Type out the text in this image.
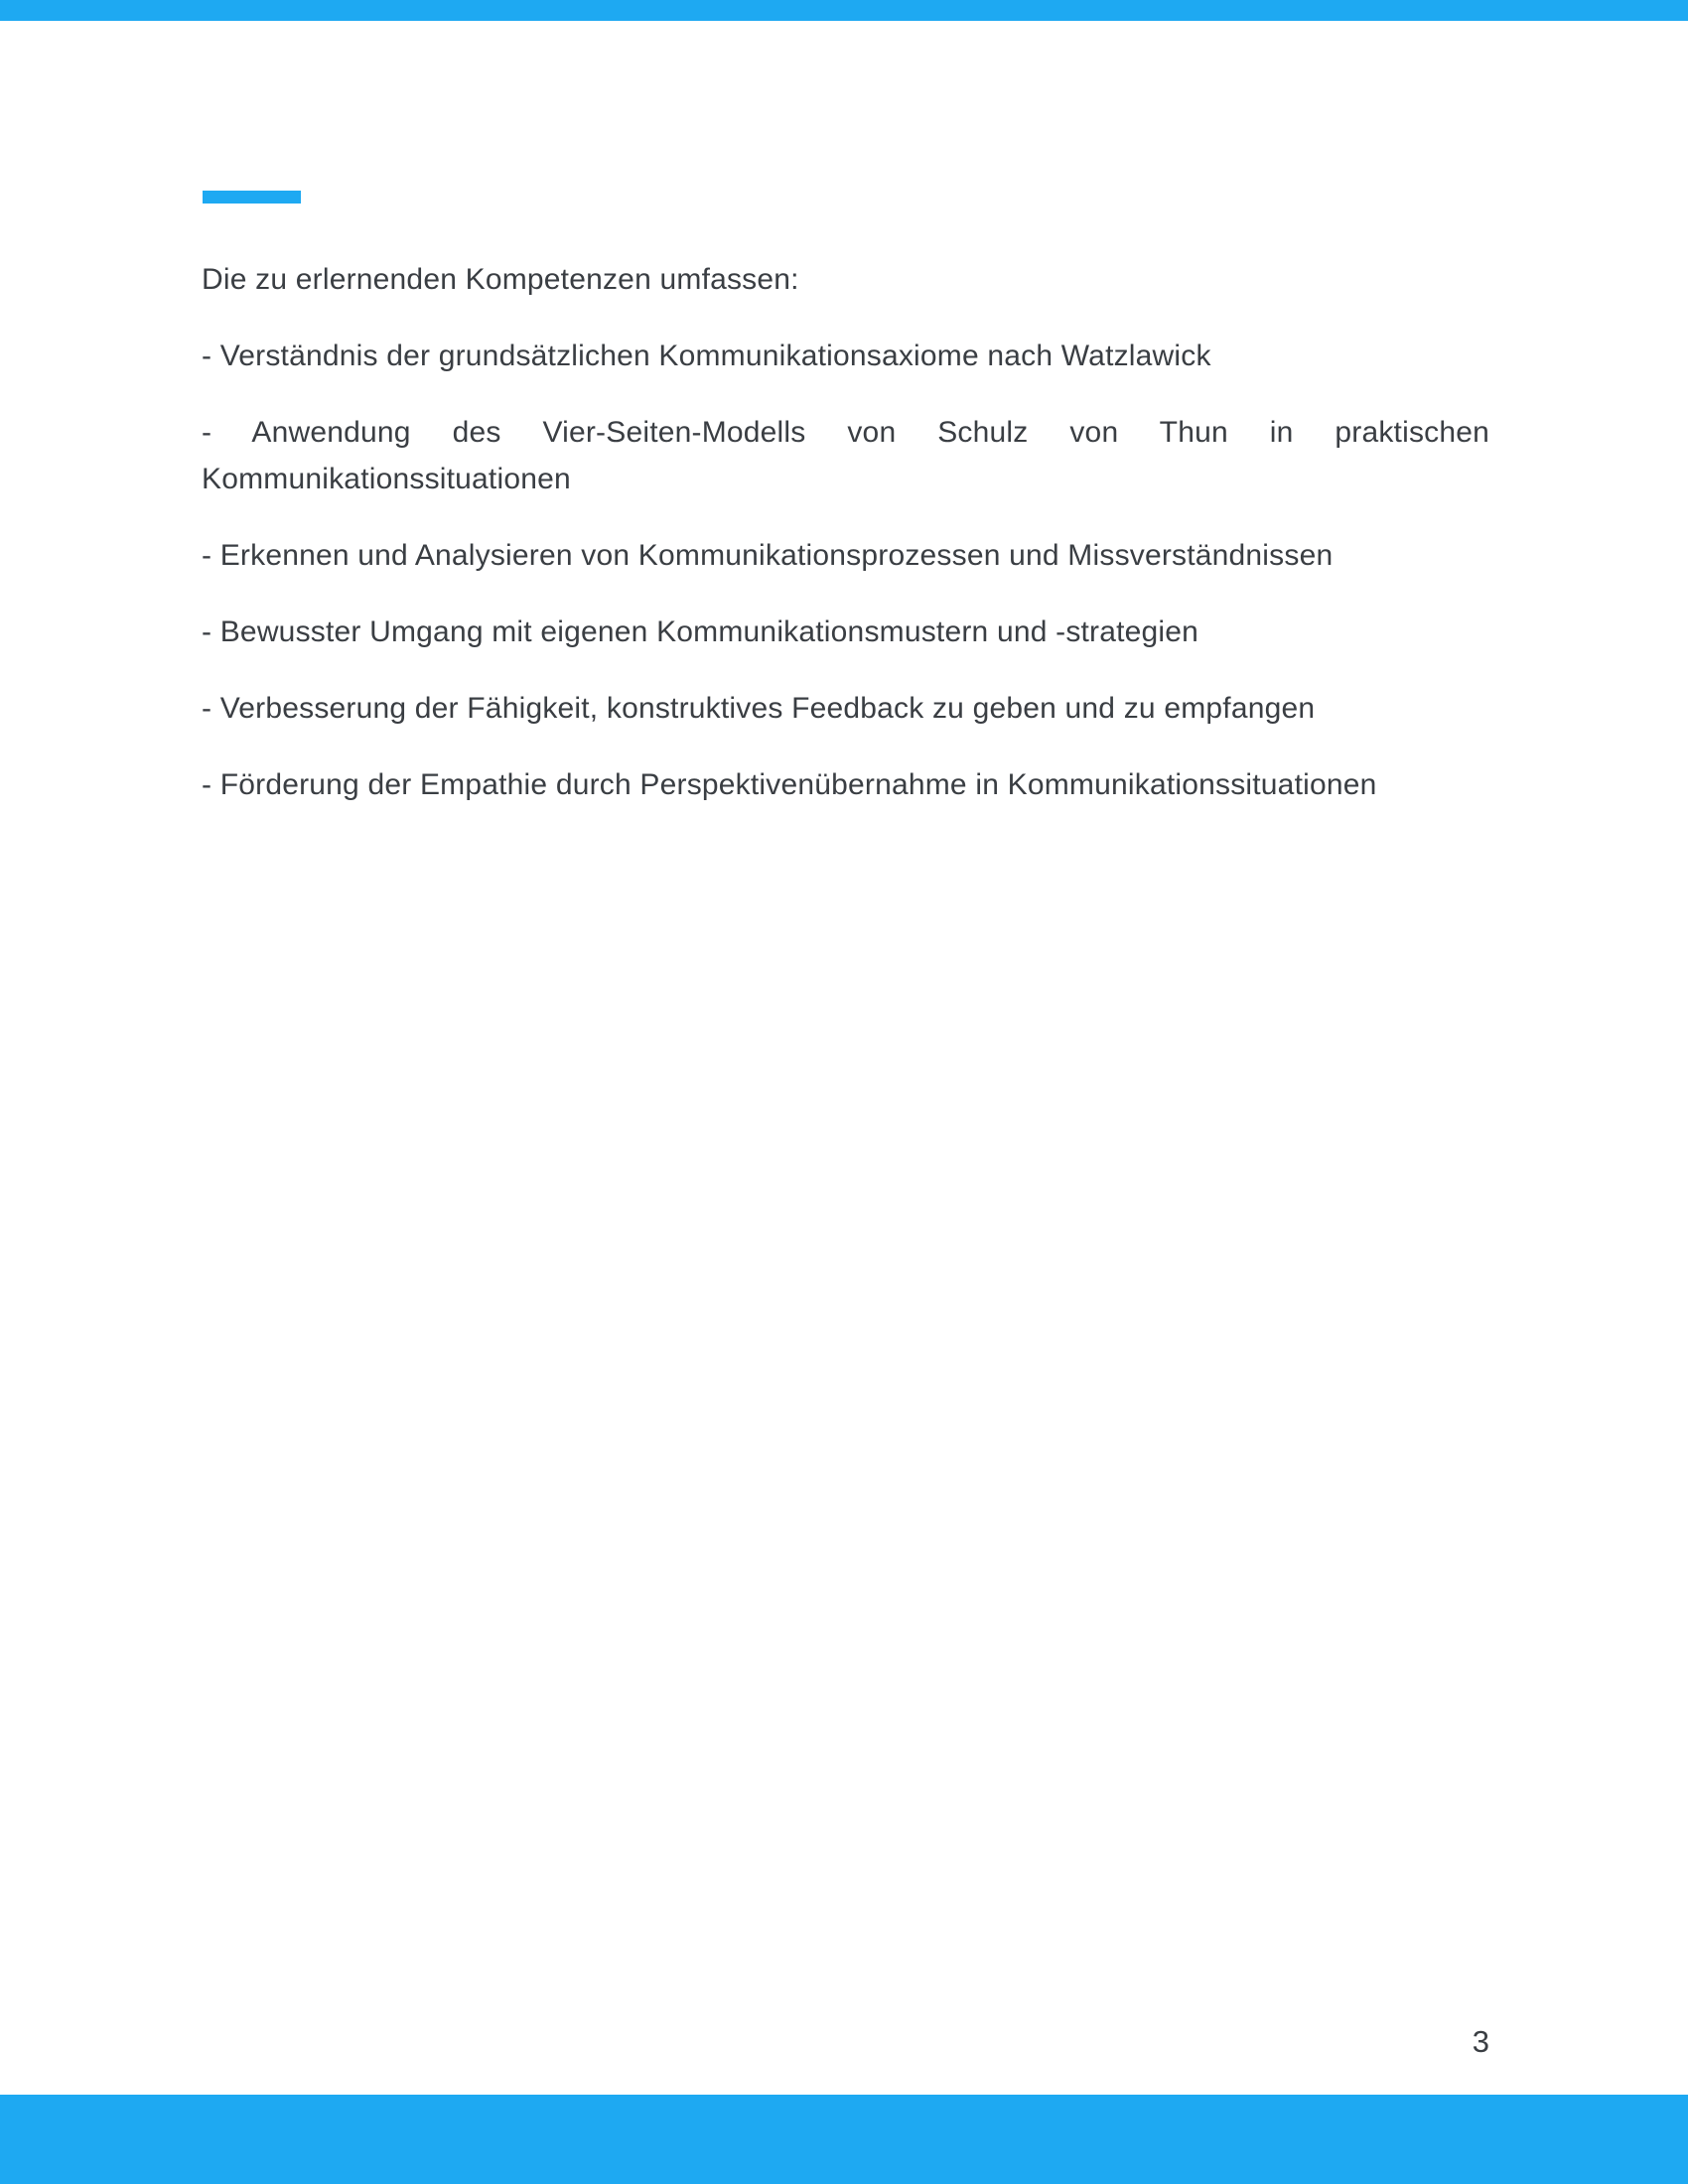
Die zu erlernenden Kompetenzen umfassen:

- Verständnis der grundsätzlichen Kommunikationsaxiome nach Watzlawick

- Anwendung des Vier-Seiten-Modells von Schulz von Thun in praktischen Kommunikationssituationen

- Erkennen und Analysieren von Kommunikationsprozessen und Missverständnissen

- Bewusster Umgang mit eigenen Kommunikationsmustern und -strategien

- Verbesserung der Fähigkeit, konstruktives Feedback zu geben und zu empfangen

- Förderung der Empathie durch Perspektivenübernahme in Kommunikationssituationen

3
